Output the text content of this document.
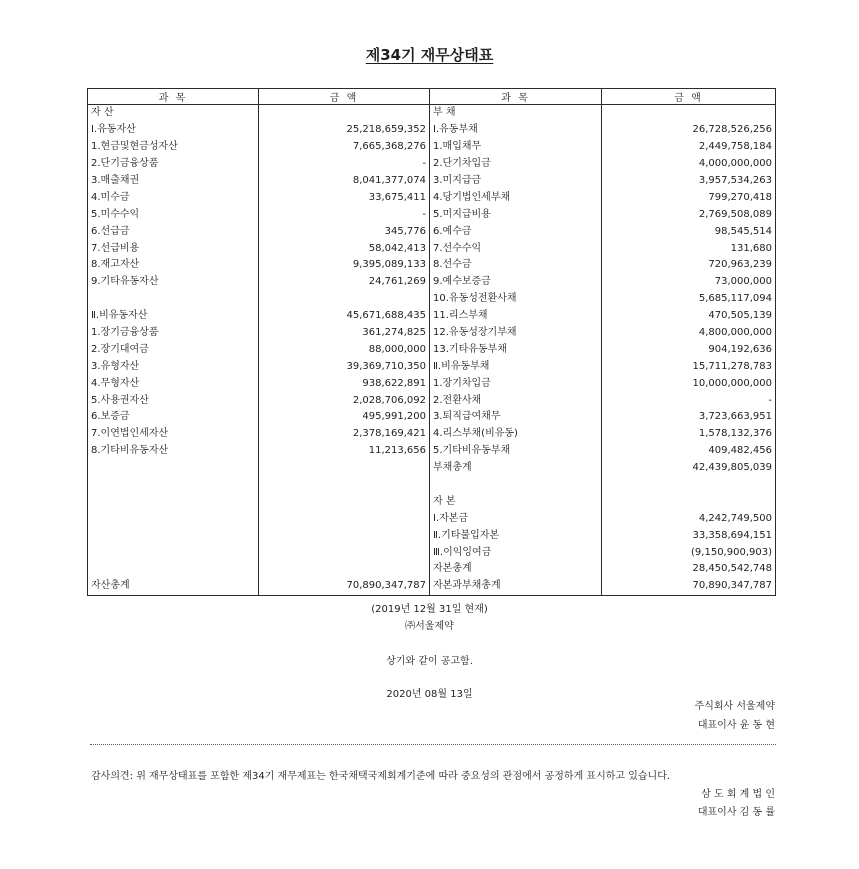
제34기 재무상태표
과 목	금 액	과 목	금 액
자 산		부 채	
Ⅰ.유동자산	25,218,659,352	Ⅰ.유동부채	26,728,526,256
1.현금및현금성자산	7,665,368,276	1.매입채무	2,449,758,184
2.단기금융상품	-	2.단기차입금	4,000,000,000
3.매출채권	8,041,377,074	3.미지급금	3,957,534,263
4.미수금	33,675,411	4.당기법인세부채	799,270,418
5.미수수익	-	5.미지급비용	2,769,508,089
6.선급금	345,776	6.예수금	98,545,514
7.선급비용	58,042,413	7.선수수익	131,680
8.재고자산	9,395,089,133	8.선수금	720,963,239
9.기타유동자산	24,761,269	9.예수보증금	73,000,000
		10.유동성전환사채	5,685,117,094
Ⅱ.비유동자산	45,671,688,435	11.리스부채	470,505,139
1.장기금융상품	361,274,825	12.유동성장기부채	4,800,000,000
2.장기대여금	88,000,000	13.기타유동부채	904,192,636
3.유형자산	39,369,710,350	Ⅱ.비유동부채	15,711,278,783
4.무형자산	938,622,891	1.장기차입금	10,000,000,000
5.사용권자산	2,028,706,092	2.전환사채	-
6.보증금	495,991,200	3.퇴직급여채무	3,723,663,951
7.이연법인세자산	2,378,169,421	4.리스부채(비유동)	1,578,132,376
8.기타비유동자산	11,213,656	5.기타비유동부채	409,482,456
		부채총계	42,439,805,039

		자 본	
		Ⅰ.자본금	4,242,749,500
		Ⅱ.기타불입자본	33,358,694,151
		Ⅲ.이익잉여금	(9,150,900,903)
		자본총계	28,450,542,748
자산총계	70,890,347,787	자본과부채총계	70,890,347,787
(2019년 12월 31일 현재)
㈜서울제약
상기와 같이 공고함.
2020년 08월 13일
주식회사 서울제약
대표이사 윤 동 현
감사의견: 위 재무상태표를 포함한 제34기 재무제표는 한국채택국제회계기준에 따라 중요성의 관점에서 공정하게 표시하고 있습니다.
삼 도 회 계 법 인
대표이사 김 동 률
